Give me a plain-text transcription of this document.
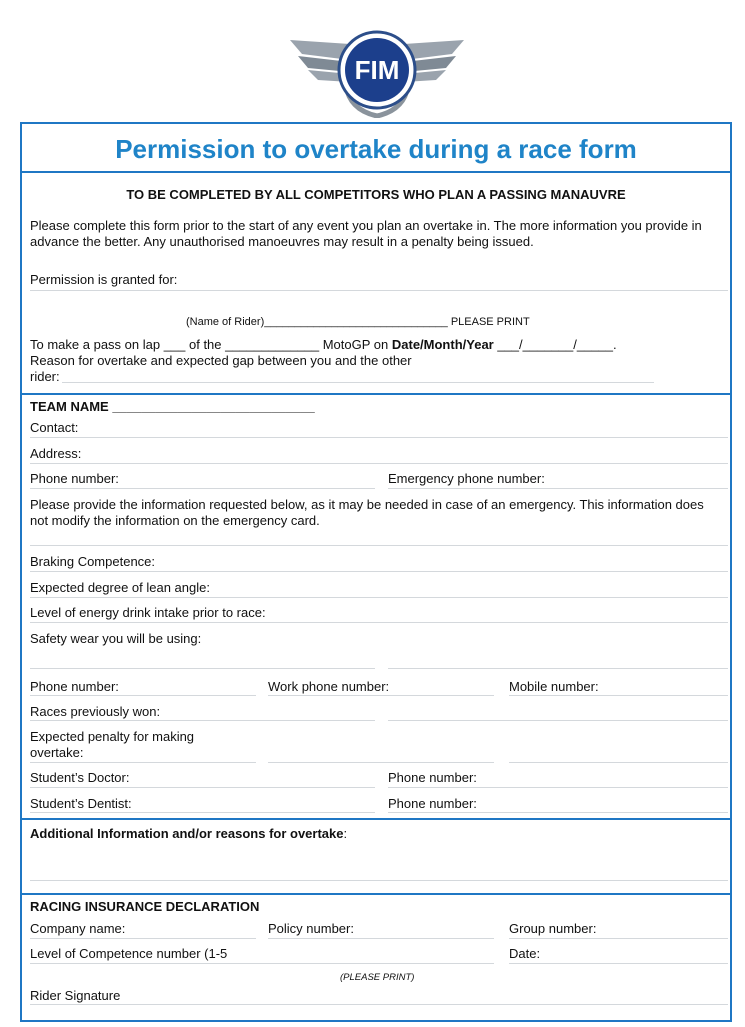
FIM
Permission to overtake during a race form
TO BE COMPLETED BY ALL COMPETITORS WHO PLAN A PASSING MANAUVRE
Please complete this form prior to the start of any event you plan an overtake in. The more information you provide in advance the better. Any unauthorised manoeuvres may result in a penalty being issued.
Permission is granted for:
(Name of Rider)______________________________ PLEASE PRINT
To make a pass on lap ___ of the _____________ MotoGP on Date/Month/Year ___/_______/_____.
Reason for overtake and expected gap between you and the other
rider:
TEAM NAME ____________________________
Contact:
Address:
Phone number:	Emergency phone number:
Please provide the information requested below, as it may be needed in case of an emergency. This information does not modify the information on the emergency card.
Braking Competence:
Expected degree of lean angle:
Level of energy drink intake prior to race:
Safety wear you will be using:
Phone number:	Work phone number:	Mobile number:
Races previously won:
Expected penalty for making overtake:
Student’s Doctor:	Phone number:
Student’s Dentist:	Phone number:
Additional Information and/or reasons for overtake:
RACING INSURANCE DECLARATION
Company name:	Policy number:	Group number:
Level of Competence number (1-5	Date:
(PLEASE PRINT)
Rider Signature
